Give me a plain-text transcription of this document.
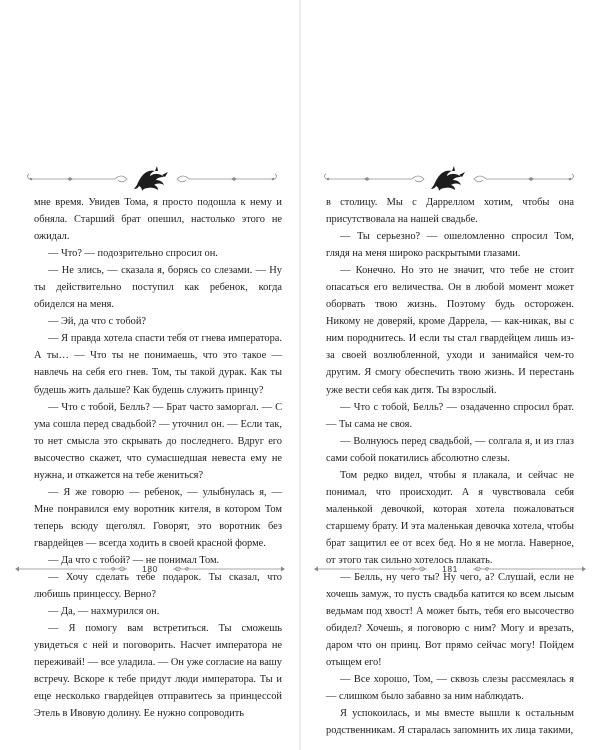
мне время. Увидев Тома, я просто подошла к нему и обняла. Старший брат опешил, настолько этого не ожидал.

— Что? — подозрительно спросил он.

— Не злись, — сказала я, борясь со слезами. — Ну ты действительно поступил как ребенок, когда обиделся на меня.

— Эй, да что с тобой?

— Я правда хотела спасти тебя от гнева императора. А ты… — Что ты не понимаешь, что это такое — навлечь на себя его гнев. Том, ты такой дурак. Как ты будешь жить дальше? Как будешь служить принцу?

— Что с тобой, Белль? — Брат часто заморгал. — С ума сошла перед свадьбой? — уточнил он. — Если так, то нет смысла это скрывать до последнего. Вдруг его высочество скажет, что сумасшедшая невеста ему не нужна, и откажется на тебе жениться?

— Я же говорю — ребенок, — улыбнулась я, — Мне понравился ему воротник кителя, в котором Том теперь всюду щеголял. Говорят, это воротник без гвардейцев — всегда ходить в своей красной форме.

— Да что с тобой? — не понимал Том.

— Хочу сделать тебе подарок. Ты сказал, что любишь принцессу. Верно?

— Да, — нахмурился он.

— Я помогу вам встретиться. Ты сможешь увидеться с ней и поговорить. Насчет императора не переживай! — все уладила. — Он уже согласие на вашу встречу. Вскоре к тебе придут люди императора. Ты и еще несколько гвардейцев отправитесь за принцессой Этель в Ивовую долину. Ее нужно сопроводить

180

в столицу. Мы с Дарреллом хотим, чтобы она присутствовала на нашей свадьбе.

— Ты серьезно? — ошеломленно спросил Том, глядя на меня широко раскрытыми глазами.

— Конечно. Но это не значит, что тебе не стоит опасаться его величества. Он в любой момент может оборвать твою жизнь. Поэтому будь осторожен. Никому не доверяй, кроме Даррела, — как-никак, вы с ним породнитесь. И если ты стал гвардейцем лишь из-за своей возлюбленной, уходи и занимайся чем-то другим. Я смогу обеспечить твою жизнь. И перестань уже вести себя как дитя. Ты взрослый.

— Что с тобой, Белль? — озадаченно спросил брат. — Ты сама не своя.

— Волнуюсь перед свадьбой, — солгала я, и из глаз сами собой покатились абсолютно слезы.

Том редко видел, чтобы я плакала, и сейчас не понимал, что происходит. А я чувствовала себя маленькой девочкой, которая хотела пожаловаться старшему брату. И эта маленькая девочка хотела, чтобы брат защитил ее от всех бед. Но я не могла. Наверное, от этого так сильно хотелось плакать.

— Белль, ну чего ты? Ну чего, а? Слушай, если не хочешь замуж, то пусть свадьба катится ко всем лысым ведьмам под хвост! А может быть, тебя его высочество обидел? Хочешь, я поговорю с ним? Могу и врезать, даром что он принц. Вот прямо сейчас могу! Пойдем отыщем его!

— Все хорошо, Том, — сквозь слезы рассмеялась я — слишком было забавно за ним наблюдать.

Я успокоилась, и мы вместе вышли к остальным родственникам. Я старалась запомнить их лица такими,

181
